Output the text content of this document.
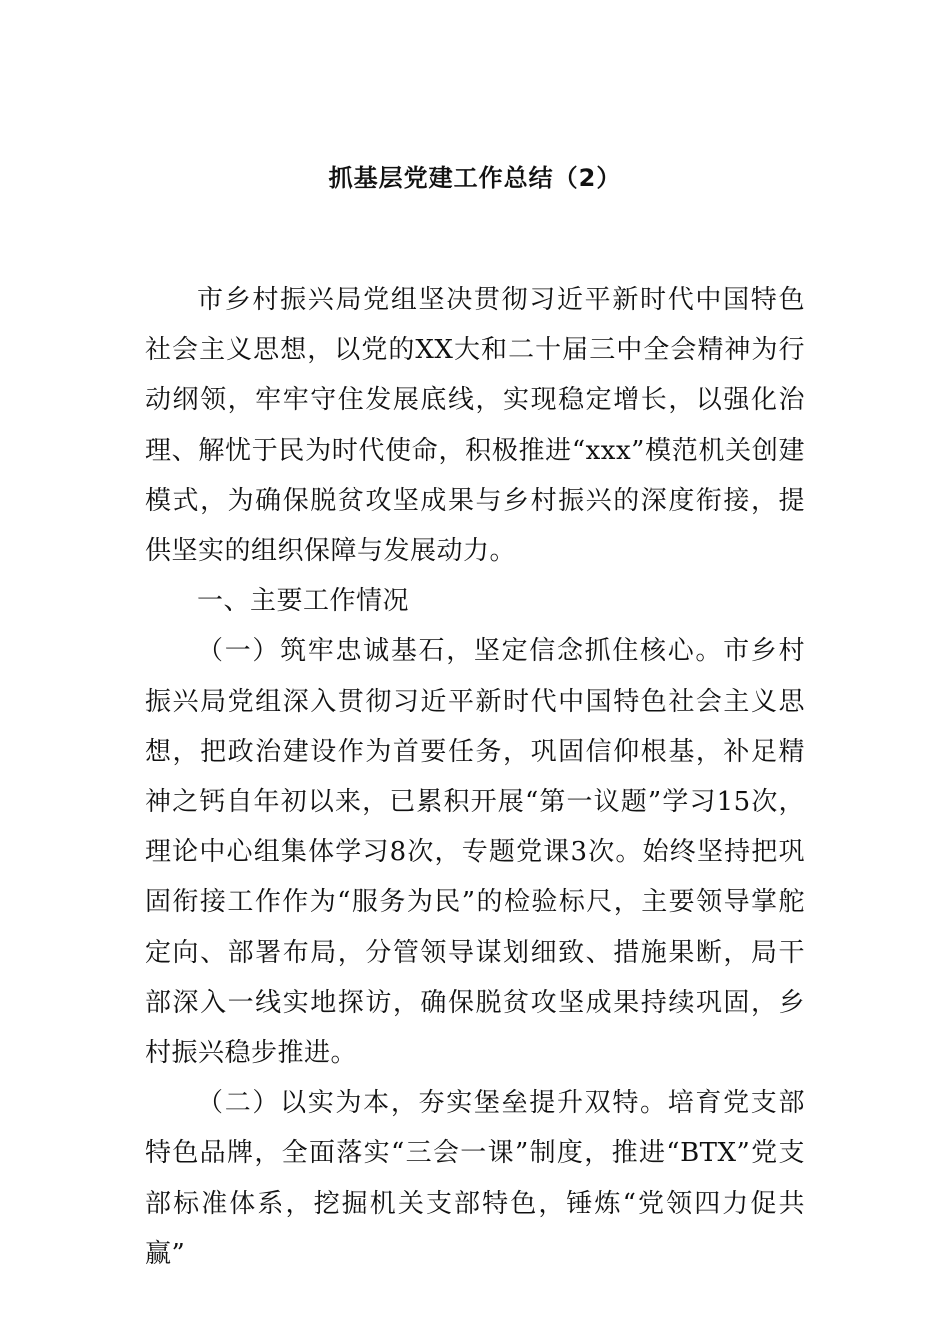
抓基层党建工作总结（2）

市乡村振兴局党组坚决贯彻习近平新时代中国特色社会主义思想，以党的XX大和二十届三中全会精神为行动纲领，牢牢守住发展底线，实现稳定增长，以强化治理、解忧于民为时代使命，积极推进“xxx”模范机关创建模式，为确保脱贫攻坚成果与乡村振兴的深度衔接，提供坚实的组织保障与发展动力。

一、主要工作情况

（一）筑牢忠诚基石，坚定信念抓住核心。市乡村振兴局党组深入贯彻习近平新时代中国特色社会主义思想，把政治建设作为首要任务，巩固信仰根基，补足精神之钙自年初以来，已累积开展“第一议题”学习15次，理论中心组集体学习8次，专题党课3次。始终坚持把巩固衔接工作作为“服务为民”的检验标尺，主要领导掌舵定向、部署布局，分管领导谋划细致、措施果断，局干部深入一线实地探访，确保脱贫攻坚成果持续巩固，乡村振兴稳步推进。

（二）以实为本，夯实堡垒提升双特。培育党支部特色品牌，全面落实“三会一课”制度，推进“BTX”党支部标准体系，挖掘机关支部特色，锤炼“党领四力促共赢”
